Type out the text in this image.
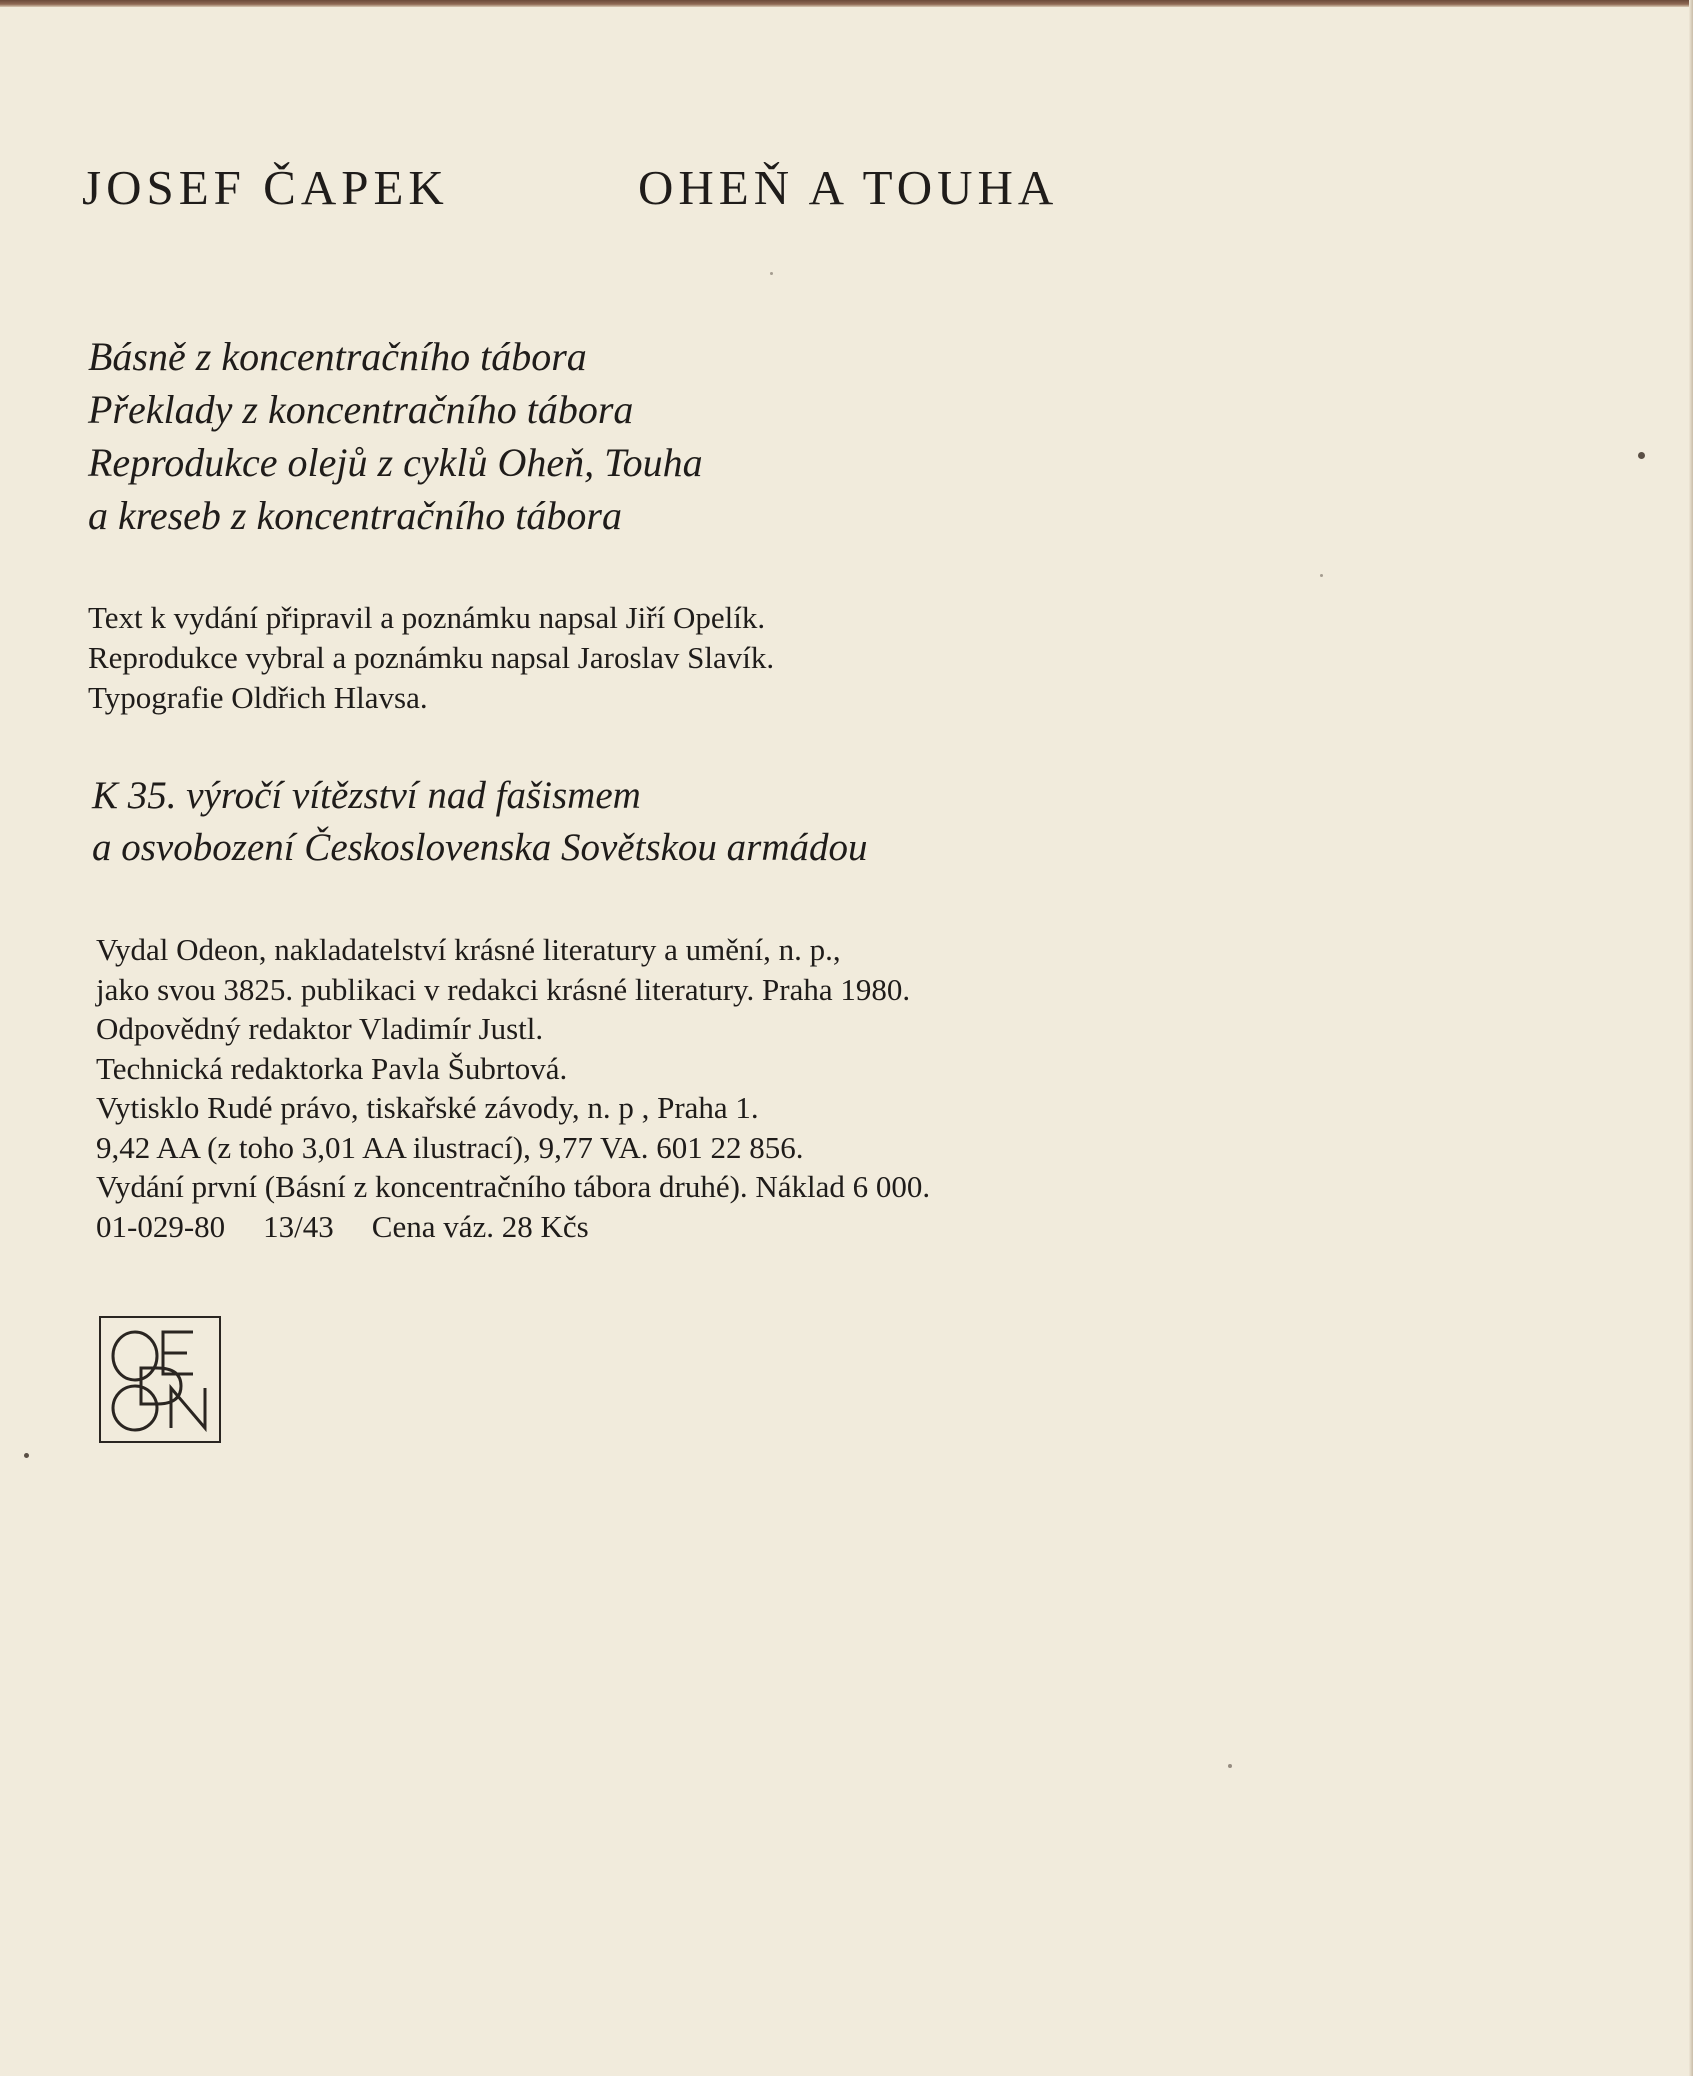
JOSEF ČAPEK	OHEŇ A TOUHA
Básně z koncentračního tábora
Překlady z koncentračního tábora
Reprodukce olejů z cyklů Oheň, Touha
a kreseb z koncentračního tábora
Text k vydání připravil a poznámku napsal Jiří Opelík.
Reprodukce vybral a poznámku napsal Jaroslav Slavík.
Typografie Oldřich Hlavsa.
K 35. výročí vítězství nad fašismem
a osvobození Československa Sovětskou armádou
Vydal Odeon, nakladatelství krásné literatury a umění, n. p.,
jako svou 3825. publikaci v redakci krásné literatury. Praha 1980.
Odpovědný redaktor Vladimír Justl.
Technická redaktorka Pavla Šubrtová.
Vytisklo Rudé právo, tiskařské závody, n. p , Praha 1.
9,42 AA (z toho 3,01 AA ilustrací), 9,77 VA. 601 22 856.
Vydání první (Básní z koncentračního tábora druhé). Náklad 6 000.
01-029-80 13/43 Cena váz. 28 Kčs
